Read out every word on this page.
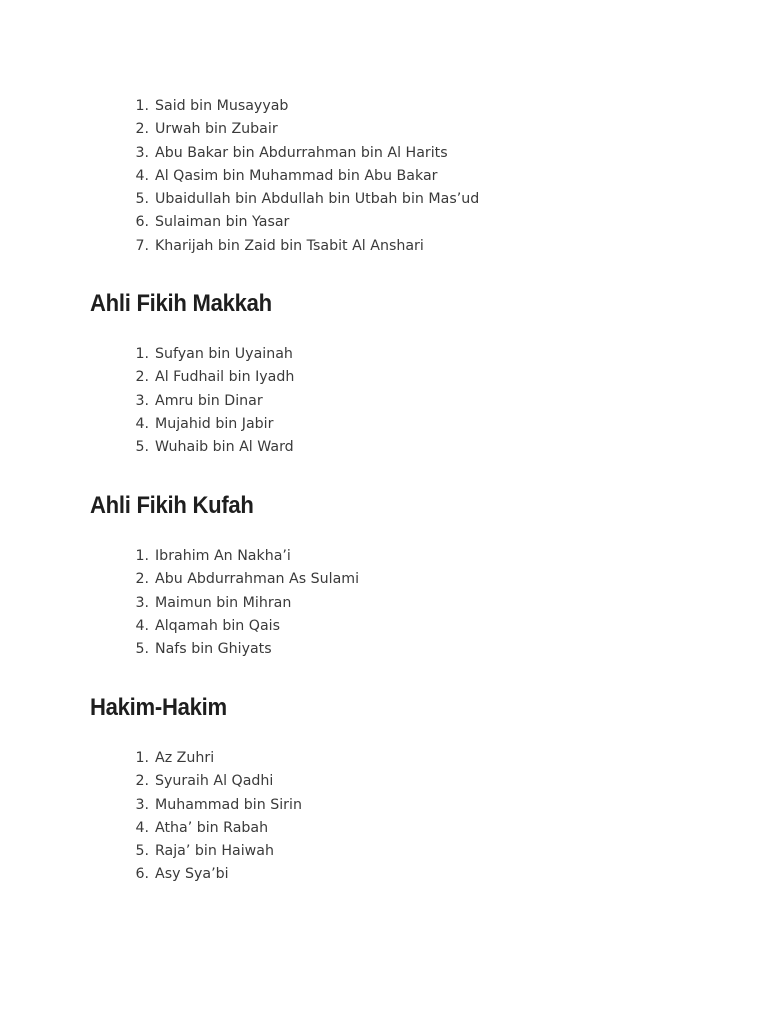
1. Said bin Musayyab
2. Urwah bin Zubair
3. Abu Bakar bin Abdurrahman bin Al Harits
4. Al Qasim bin Muhammad bin Abu Bakar
5. Ubaidullah bin Abdullah bin Utbah bin Mas’ud
6. Sulaiman bin Yasar
7. Kharijah bin Zaid bin Tsabit Al Anshari
Ahli Fikih Makkah
1. Sufyan bin Uyainah
2. Al Fudhail bin Iyadh
3. Amru bin Dinar
4. Mujahid bin Jabir
5. Wuhaib bin Al Ward
Ahli Fikih Kufah
1. Ibrahim An Nakha’i
2. Abu Abdurrahman As Sulami
3. Maimun bin Mihran
4. Alqamah bin Qais
5. Nafs bin Ghiyats
Hakim-Hakim
1. Az Zuhri
2. Syuraih Al Qadhi
3. Muhammad bin Sirin
4. Atha’ bin Rabah
5. Raja’ bin Haiwah
6. Asy Sya’bi
